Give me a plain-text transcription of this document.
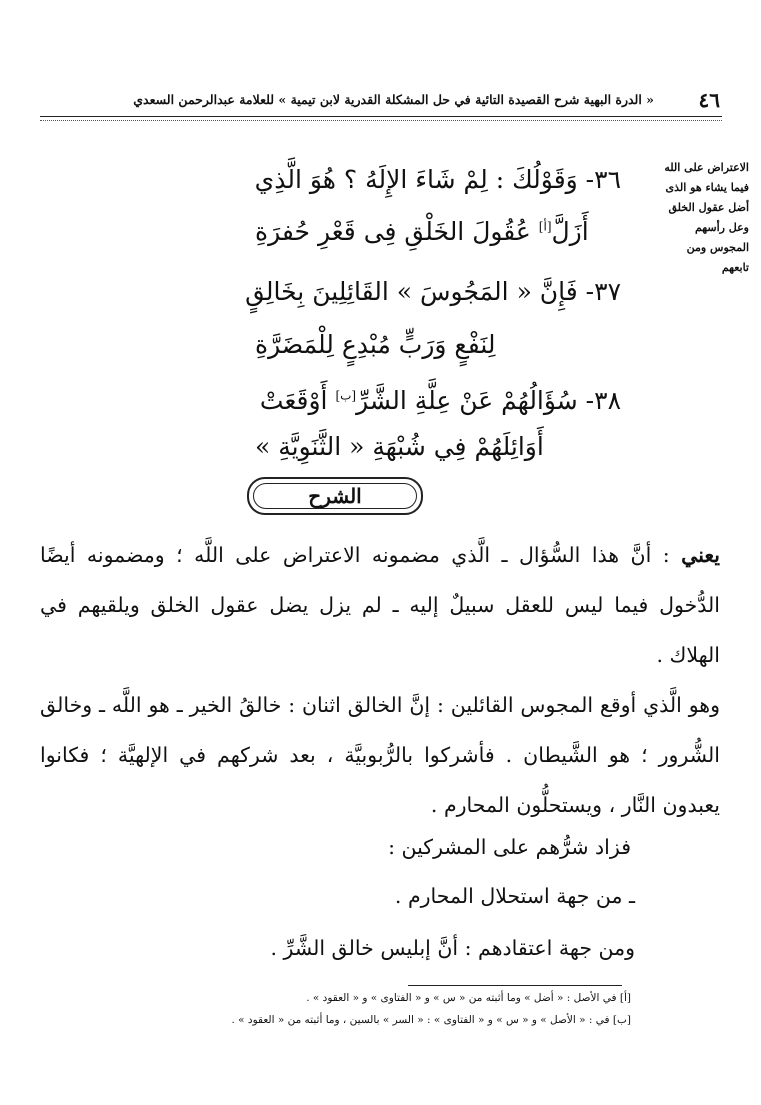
٤٦
« الدرة البهية شرح القصيدة التائية في حل المشكلة القدرية لابن تيمية » للعلامة عبدالرحمن السعدي
الاعتراض على الله فيما يشاء هو الذى أضل عقول الخلق وعل رأسهم المجوس ومن تابعهم
٣٦- وَقَوْلُكَ : لِمْ شَاءَ الإِلَهُ ؟ هُوَ الَّذِي
أَزَلَّ[أ] عُقُولَ الخَلْقِ فِى قَعْرِ حُفرَةِ
٣٧- فَإِنَّ « المَجُوسَ » القَائِلِينَ بِخَالِقٍ
لِنَفْعٍ وَرَبٍّ مُبْدِعٍ لِلْمَضَرَّةِ
٣٨- سُؤَالُهُمْ عَنْ عِلَّةِ الشَّرِّ[ب] أَوْقَعَتْ
أَوَائِلَهُمْ فِي شُبْهَةِ « الثَّنَوِيَّةِ »
الشرح
يعني : أنَّ هذا السُّؤال ـ الَّذي مضمونه الاعتراض على اللَّه ؛ ومضمونه أيضًا الدُّخول فيما ليس للعقل سبيلٌ إليه ـ لم يزل يضل عقول الخلق ويلقيهم في الهلاك .
وهو الَّذي أوقع المجوس القائلين : إنَّ الخالق اثنان : خالقُ الخير ـ هو اللَّه ـ وخالق الشُّرور ؛ هو الشَّيطان . فأشركوا بالرُّبوبيَّة ، بعد شركهم في الإلهيَّة ؛ فكانوا يعبدون النَّار ، ويستحلُّون المحارم .
فزاد شرُّهم على المشركين :
ـ من جهة استحلال المحارم .
ومن جهة اعتقادهم : أنَّ إبليس خالق الشَّرِّ .
[أ] في الأصل : « أضل » وما أثبته من « س » و « الفتاوى » و « العقود » .
[ب] في : « الأصل » و « س » و « الفتاوى » : « السر » بالسين ، وما أثبته من « العقود » .
